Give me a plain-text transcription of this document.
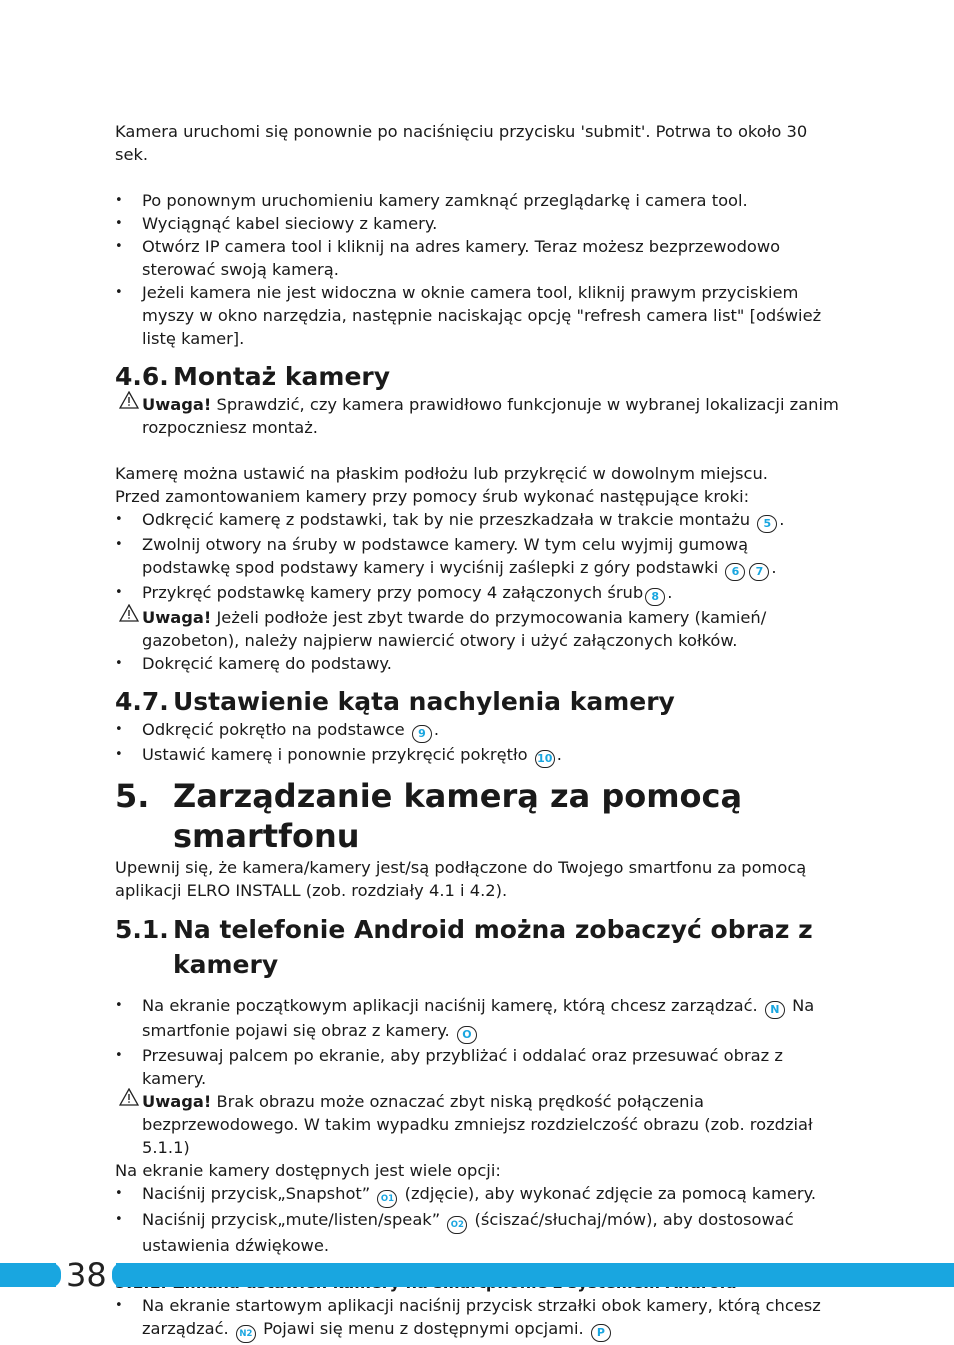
Kamera uruchomi się ponownie po naciśnięciu przycisku 'submit'. Potrwa to około 30 sek.

• Po ponownym uruchomieniu kamery zamknąć przeglądarkę i camera tool.
• Wyciągnąć kabel sieciowy z kamery.
• Otwórz IP camera tool i kliknij na adres kamery. Teraz możesz bezprzewodowo sterować swoją kamerą.
• Jeżeli kamera nie jest widoczna w oknie camera tool, kliknij prawym przyciskiem myszy w okno narzędzia, następnie naciskając opcję "refresh camera list" [odśwież listę kamer].
4.6. Montaż kamery

Uwaga! Sprawdzić, czy kamera prawidłowo funkcjonuje w wybranej lokalizacji zanim rozpoczniesz montaż.

Kamerę można ustawić na płaskim podłożu lub przykręcić w dowolnym miejscu.

Przed zamontowaniem kamery przy pomocy śrub wykonać następujące kroki:

• Odkręcić kamerę z podstawki, tak by nie przeszkadzała w trakcie montażu 5 .
• Zwolnij otwory na śruby w podstawce kamery. W tym celu wyjmij gumową podstawkę spod podstawy kamery i wyciśnij zaślepki z góry podstawki 6 7 .
• Przykręć podstawkę kamery przy pomocy 4 załączonych śrub 8 .

Uwaga! Jeżeli podłoże jest zbyt twarde do przymocowania kamery (kamień/ gazobeton), należy najpierw nawiercić otwory i użyć załączonych kołków.

• Dokręcić kamerę do podstawy.
4.7. Ustawienie kąta nachylenia kamery
• Odkręcić pokrętło na podstawce 9 .
• Ustawić kamerę i ponownie przykręcić pokrętło 10 .
5. Zarządzanie kamerą za pomocą smartfonu

Upewnij się, że kamera/kamery jest/są podłączone do Twojego smartfonu za pomocą aplikacji ELRO INSTALL (zob. rozdziały 4.1 i 4.2).

5.1. Na telefonie Android można zobaczyć obraz z kamery
• Na ekranie początkowym aplikacji naciśnij kamerę, którą chcesz zarządzać. N Na smartfonie pojawi się obraz z kamery. O
• Przesuwaj palcem po ekranie, aby przybliżać i oddalać oraz przesuwać obraz z kamery.

Uwaga! Brak obrazu może oznaczać zbyt niską prędkość połączenia bezprzewodowego. W takim wypadku zmniejsz rozdzielczość obrazu (zob. rozdział 5.1.1)

Na ekranie kamery dostępnych jest wiele opcji:

• Naciśnij przycisk„Snapshot” O1 (zdjęcie), aby wykonać zdjęcie za pomocą kamery.
• Naciśnij przycisk„mute/listen/speak” O2 (ściszać/słuchaj/mów), aby dostosować ustawienia dźwiękowe.
• Na ekranie startowym aplikacji naciśnij przycisk strzałki obok kamery, którą chcesz zarządzać. N2 Pojawi się menu z dostępnymi opcjami. P
38
